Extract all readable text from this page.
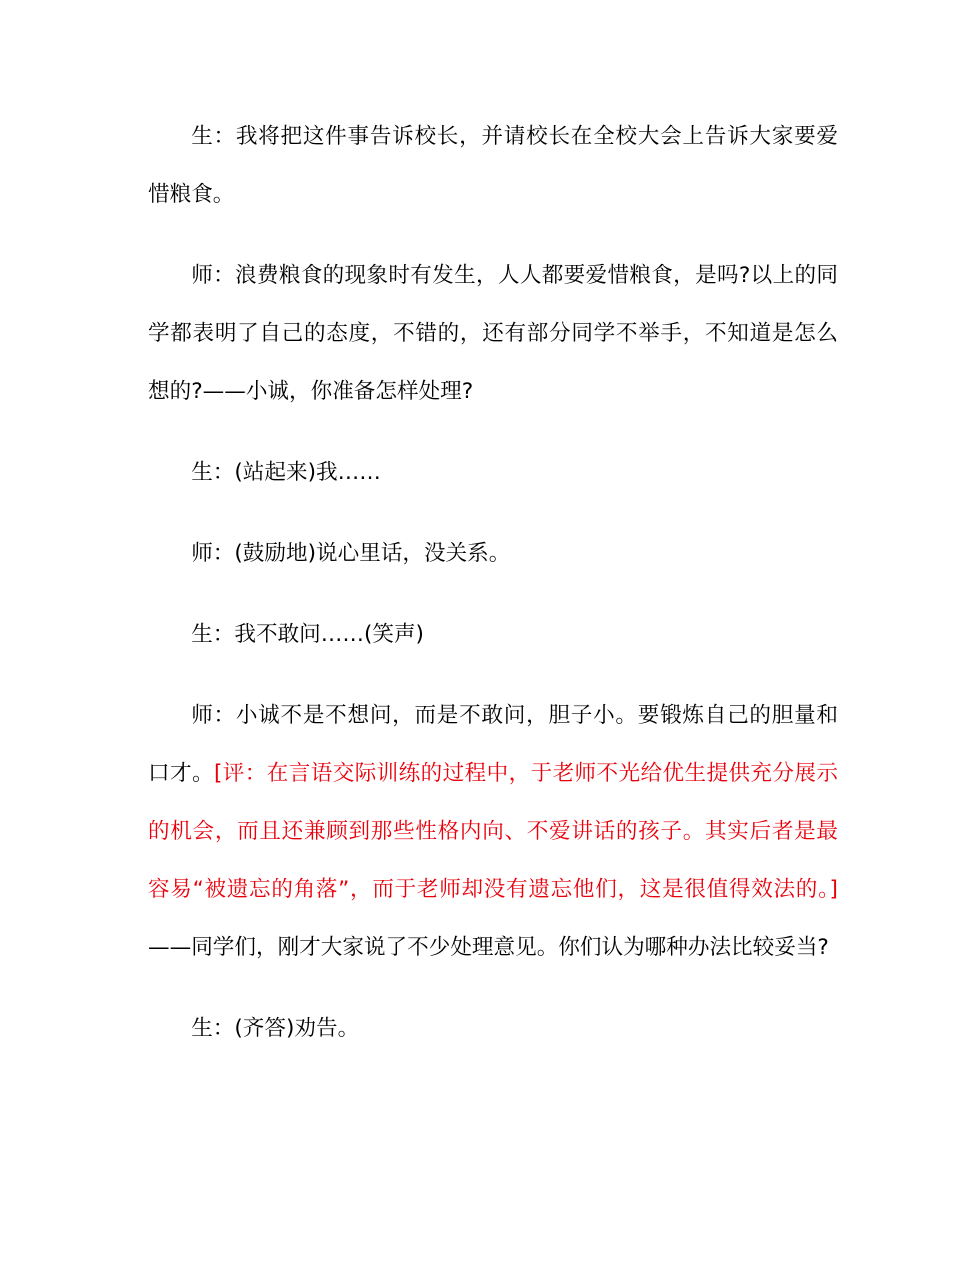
生：我将把这件事告诉校长，并请校长在全校大会上告诉大家要爱惜粮食。

师：浪费粮食的现象时有发生，人人都要爱惜粮食，是吗?以上的同学都表明了自己的态度，不错的，还有部分同学不举手，不知道是怎么想的?——小诚，你准备怎样处理?

生：(站起来)我……

师：(鼓励地)说心里话，没关系。

生：我不敢问……(笑声)

师：小诚不是不想问，而是不敢问，胆子小。要锻炼自己的胆量和口才。[评：在言语交际训练的过程中，于老师不光给优生提供充分展示的机会，而且还兼顾到那些性格内向、不爱讲话的孩子。其实后者是最容易“被遗忘的角落”，而于老师却没有遗忘他们，这是很值得效法的。]——同学们，刚才大家说了不少处理意见。你们认为哪种办法比较妥当?

生：(齐答)劝告。
